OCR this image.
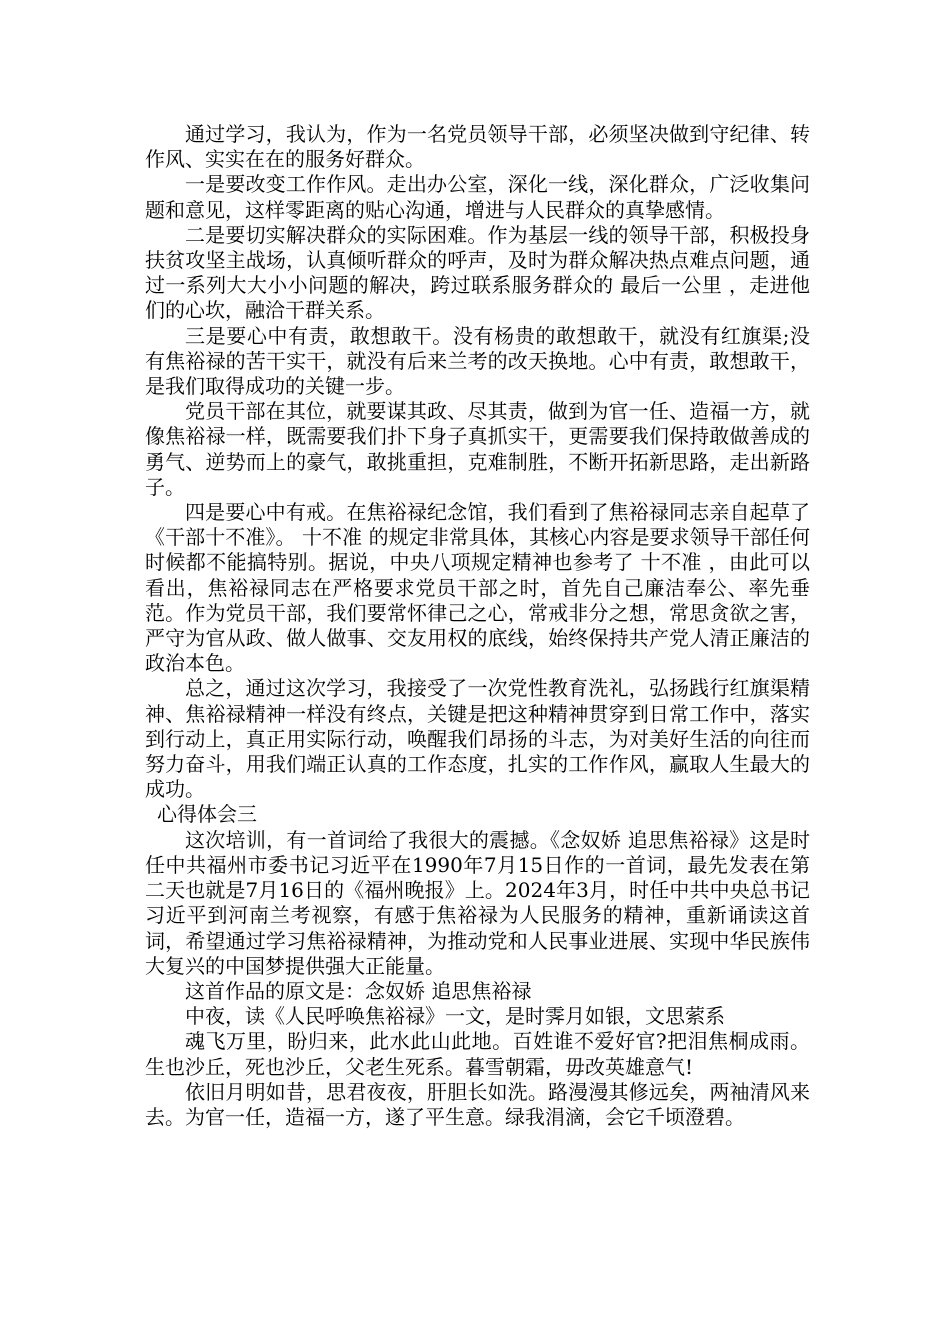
通过学习，我认为，作为一名党员领导干部，必须坚决做到守纪律、转作风、实实在在的服务好群众。

一是要改变工作作风。走出办公室，深化一线，深化群众，广泛收集问题和意见，这样零距离的贴心沟通，增进与人民群众的真挚感情。

二是要切实解决群众的实际困难。作为基层一线的领导干部，积极投身扶贫攻坚主战场，认真倾听群众的呼声，及时为群众解决热点难点问题，通过一系列大大小小问题的解决，跨过联系服务群众的 最后一公里 ，走进他们的心坎，融洽干群关系。

三是要心中有责，敢想敢干。没有杨贵的敢想敢干，就没有红旗渠;没有焦裕禄的苦干实干，就没有后来兰考的改天换地。心中有责，敢想敢干，是我们取得成功的关键一步。

党员干部在其位，就要谋其政、尽其责，做到为官一任、造福一方，就像焦裕禄一样，既需要我们扑下身子真抓实干，更需要我们保持敢做善成的勇气、逆势而上的豪气，敢挑重担，克难制胜，不断开拓新思路，走出新路子。

四是要心中有戒。在焦裕禄纪念馆，我们看到了焦裕禄同志亲自起草了《干部十不准》。 十不准 的规定非常具体，其核心内容是要求领导干部任何时候都不能搞特别。据说，中央八项规定精神也参考了 十不准 ，由此可以看出，焦裕禄同志在严格要求党员干部之时，首先自己廉洁奉公、率先垂范。作为党员干部，我们要常怀律己之心，常戒非分之想，常思贪欲之害，严守为官从政、做人做事、交友用权的底线，始终保持共产党人清正廉洁的政治本色。

总之，通过这次学习，我接受了一次党性教育洗礼，弘扬践行红旗渠精神、焦裕禄精神一样没有终点，关键是把这种精神贯穿到日常工作中，落实到行动上，真正用实际行动，唤醒我们昂扬的斗志，为对美好生活的向往而努力奋斗，用我们端正认真的工作态度，扎实的工作作风，赢取人生最大的成功。

心得体会三

这次培训，有一首词给了我很大的震撼。《念奴娇 追思焦裕禄》这是时任中共福州市委书记习近平在1990年7月15日作的一首词，最先发表在第二天也就是7月16日的《福州晚报》上。2024年3月，时任中共中央总书记习近平到河南兰考视察，有感于焦裕禄为人民服务的精神，重新诵读这首词，希望通过学习焦裕禄精神，为推动党和人民事业进展、实现中华民族伟大复兴的中国梦提供强大正能量。

这首作品的原文是：念奴娇 追思焦裕禄

中夜，读《人民呼唤焦裕禄》一文，是时霁月如银，文思萦系

魂飞万里，盼归来，此水此山此地。百姓谁不爱好官?把泪焦桐成雨。生也沙丘，死也沙丘，父老生死系。暮雪朝霜，毋改英雄意气!

依旧月明如昔，思君夜夜，肝胆长如洗。路漫漫其修远矣，两袖清风来去。为官一任，造福一方，遂了平生意。绿我涓滴，会它千顷澄碧。
